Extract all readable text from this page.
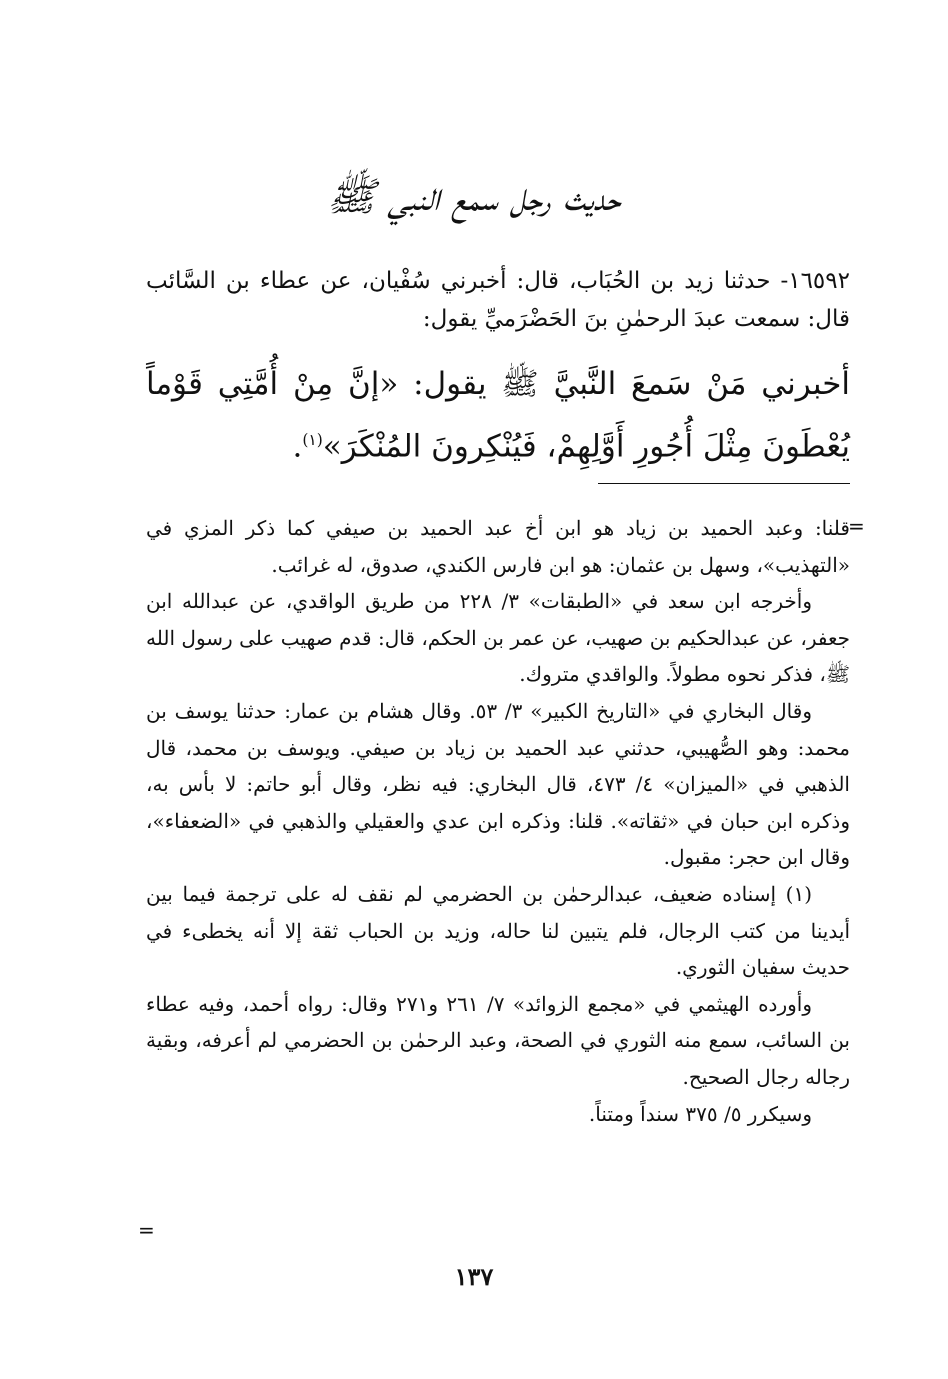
حديث رجل سمع النبي ﷺ
١٦٥٩٢- حدثنا زيد بن الحُبَاب، قال: أخبرني سُفْيان، عن عطاء بن السَّائب قال: سمعت عبدَ الرحمٰنِ بنَ الحَضْرَميِّ يقول:
أخبرني مَنْ سَمعَ النَّبيَّ ﷺ يقول: «إنَّ مِنْ أُمَّتِي قَوْماً يُعْطَونَ مِثْلَ أُجُورِ أَوَّلِهِمْ، فَيُنْكِرونَ المُنْكَرَ»$^{(١)}$.
=

قلنا: وعبد الحميد بن زياد هو ابن أخ عبد الحميد بن صيفي كما ذكر المزي في «التهذيب»، وسهل بن عثمان: هو ابن فارس الكندي، صدوق، له غرائب.

وأخرجه ابن سعد في «الطبقات» ٣/ ٢٢٨ من طريق الواقدي، عن عبدالله ابن جعفر، عن عبدالحكيم بن صهيب، عن عمر بن الحكم، قال: قدم صهيب على رسول الله ﷺ، فذكر نحوه مطولاً. والواقدي متروك.

وقال البخاري في «التاريخ الكبير» ٣/ ٥٣. وقال هشام بن عمار: حدثنا يوسف بن محمد: وهو الصُّهيبي، حدثني عبد الحميد بن زياد بن صيفي. ويوسف بن محمد، قال الذهبي في «الميزان» ٤/ ٤٧٣، قال البخاري: فيه نظر، وقال أبو حاتم: لا بأس به، وذكره ابن حبان في «ثقاته». قلنا: وذكره ابن عدي والعقيلي والذهبي في «الضعفاء»، وقال ابن حجر: مقبول.

(١) إسناده ضعيف، عبدالرحمٰن بن الحضرمي لم نقف له على ترجمة فيما بين أيدينا من كتب الرجال، فلم يتبين لنا حاله، وزيد بن الحباب ثقة إلا أنه يخطىء في حديث سفيان الثوري.

وأورده الهيثمي في «مجمع الزوائد» ٧/ ٢٦١ و٢٧١ وقال: رواه أحمد، وفيه عطاء بن السائب، سمع منه الثوري في الصحة، وعبد الرحمٰن بن الحضرمي لم أعرفه، وبقية رجاله رجال الصحيح.

وسيكرر ٥/ ٣٧٥ سنداً ومتناً.

=
١٣٧
